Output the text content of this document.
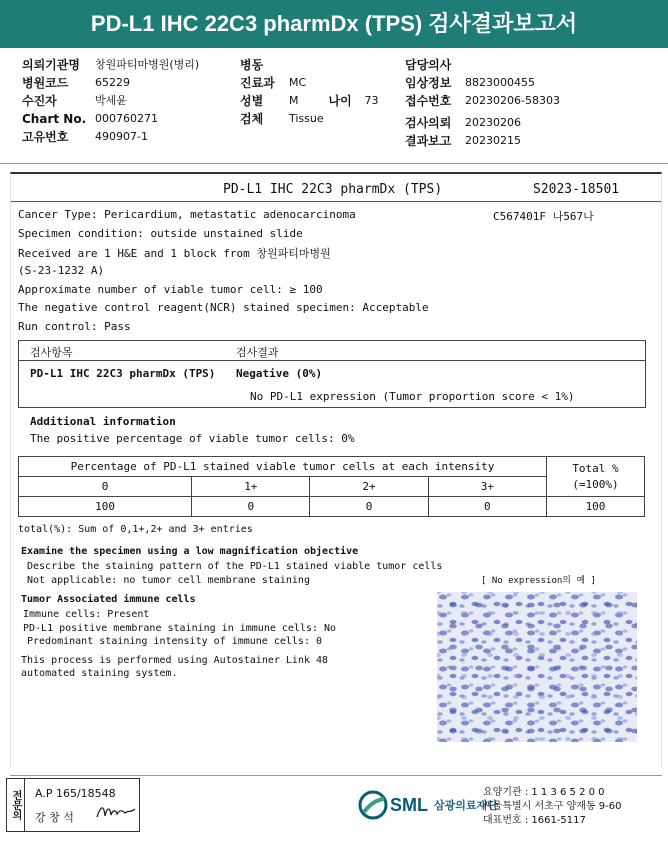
PD-L1 IHC 22C3 pharmDx (TPS) 검사결과보고서
의뢰기관명	창원파티마병원(병리)
병원코드	65229
수진자	박세윤
Chart No. 000760271
고유번호	490907-1
병동
진료과	MC
성별	M	나이	73
검체	Tissue
담당의사
임상정보	8823000455
접수번호	20230206-58303
검사의뢰	20230206
결과보고	20230215
PD-L1 IHC 22C3 pharmDx (TPS)	S2023-18501
C567401F 나567나
Cancer Type: Pericardium, metastatic adenocarcinoma
Specimen condition: outside unstained slide
Received are 1 H&E and 1 block from 창원파티마병원
(S-23-1232 A)
Approximate number of viable tumor cell: ≥ 100
The negative control reagent(NCR) stained specimen: Acceptable
Run control: Pass
검사항목	검사결과
PD-L1 IHC 22C3 pharmDx (TPS) Negative (0%)
No PD-L1 expression (Tumor proportion score < 1%)
Additional information
The positive percentage of viable tumor cells: 0%
Percentage of PD-L1 stained viable tumor cells at each intensity				Total %
(=100%)
0	1+	2+	3+	
100	0	0	0	100
total(%): Sum of 0,1+,2+ and 3+ entries
Examine the specimen using a low magnification objective
Describe the staining pattern of the PD-L1 stained viable tumor cells
Not applicable: no tumor cell membrane staining	[ No expression의 예 ]
Tumor Associated immune cells
Immune cells: Present
PD-L1 positive membrane staining in immune cells: No
Predominant staining intensity of immune cells: 0
This process is performed using Autostainer Link 48
automated staining system.
전문의	A.P 165/18548
강 창 석
SML 삼광의료재단
요양기관 : 1 1 3 6 5 2 0 0
서울특별시 서초구 양재동 9-60
대표번호 : 1661-5117
